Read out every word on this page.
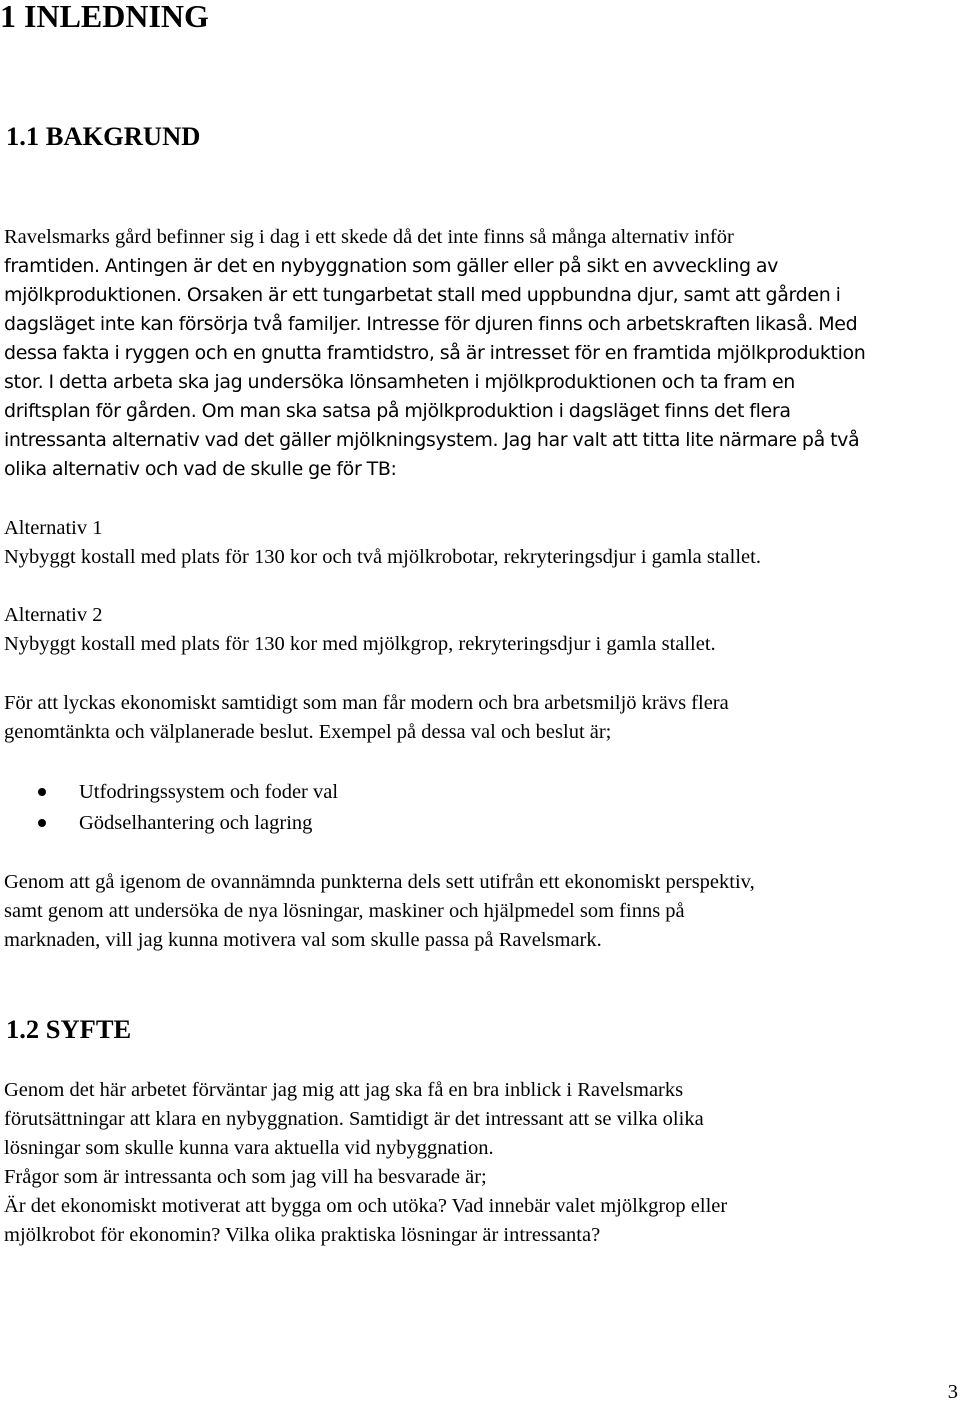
1 INLEDNING
1.1 BAKGRUND

Ravelsmarks gård befinner sig i dag i ett skede då det inte finns så många alternativ inför

framtiden. Antingen är det en nybyggnation som gäller eller på sikt en avveckling av

mjölkproduktionen. Orsaken är ett tungarbetat stall med uppbundna djur, samt att gården i

dagsläget inte kan försörja två familjer. Intresse för djuren finns och arbetskraften likaså. Med

dessa fakta i ryggen och en gnutta framtidstro, så är intresset för en framtida mjölkproduktion

stor. I detta arbeta ska jag undersöka lönsamheten i mjölkproduktionen och ta fram en

driftsplan för gården. Om man ska satsa på mjölkproduktion i dagsläget finns det flera

intressanta alternativ vad det gäller mjölkningsystem. Jag har valt att titta lite närmare på två

olika alternativ och vad de skulle ge för TB:

Alternativ 1

Nybyggt kostall med plats för 130 kor och två mjölkrobotar, rekryteringsdjur i gamla stallet.

Alternativ 2

Nybyggt kostall med plats för 130 kor med mjölkgrop, rekryteringsdjur i gamla stallet.

För att lyckas ekonomiskt samtidigt som man får modern och bra arbetsmiljö krävs flera

genomtänkta och välplanerade beslut. Exempel på dessa val och beslut är;

Utfodringssystem och foder val

Gödselhantering och lagring

Genom att gå igenom de ovannämnda punkterna dels sett utifrån ett ekonomiskt perspektiv,

samt genom att undersöka de nya lösningar, maskiner och hjälpmedel som finns på

marknaden, vill jag kunna motivera val som skulle passa på Ravelsmark.

1.2 SYFTE

Genom det här arbetet förväntar jag mig att jag ska få en bra inblick i Ravelsmarks

förutsättningar att klara en nybyggnation. Samtidigt är det intressant att se vilka olika

lösningar som skulle kunna vara aktuella vid nybyggnation.

Frågor som är intressanta och som jag vill ha besvarade är;

Är det ekonomiskt motiverat att bygga om och utöka? Vad innebär valet mjölkgrop eller

mjölkrobot för ekonomin? Vilka olika praktiska lösningar är intressanta?

3
